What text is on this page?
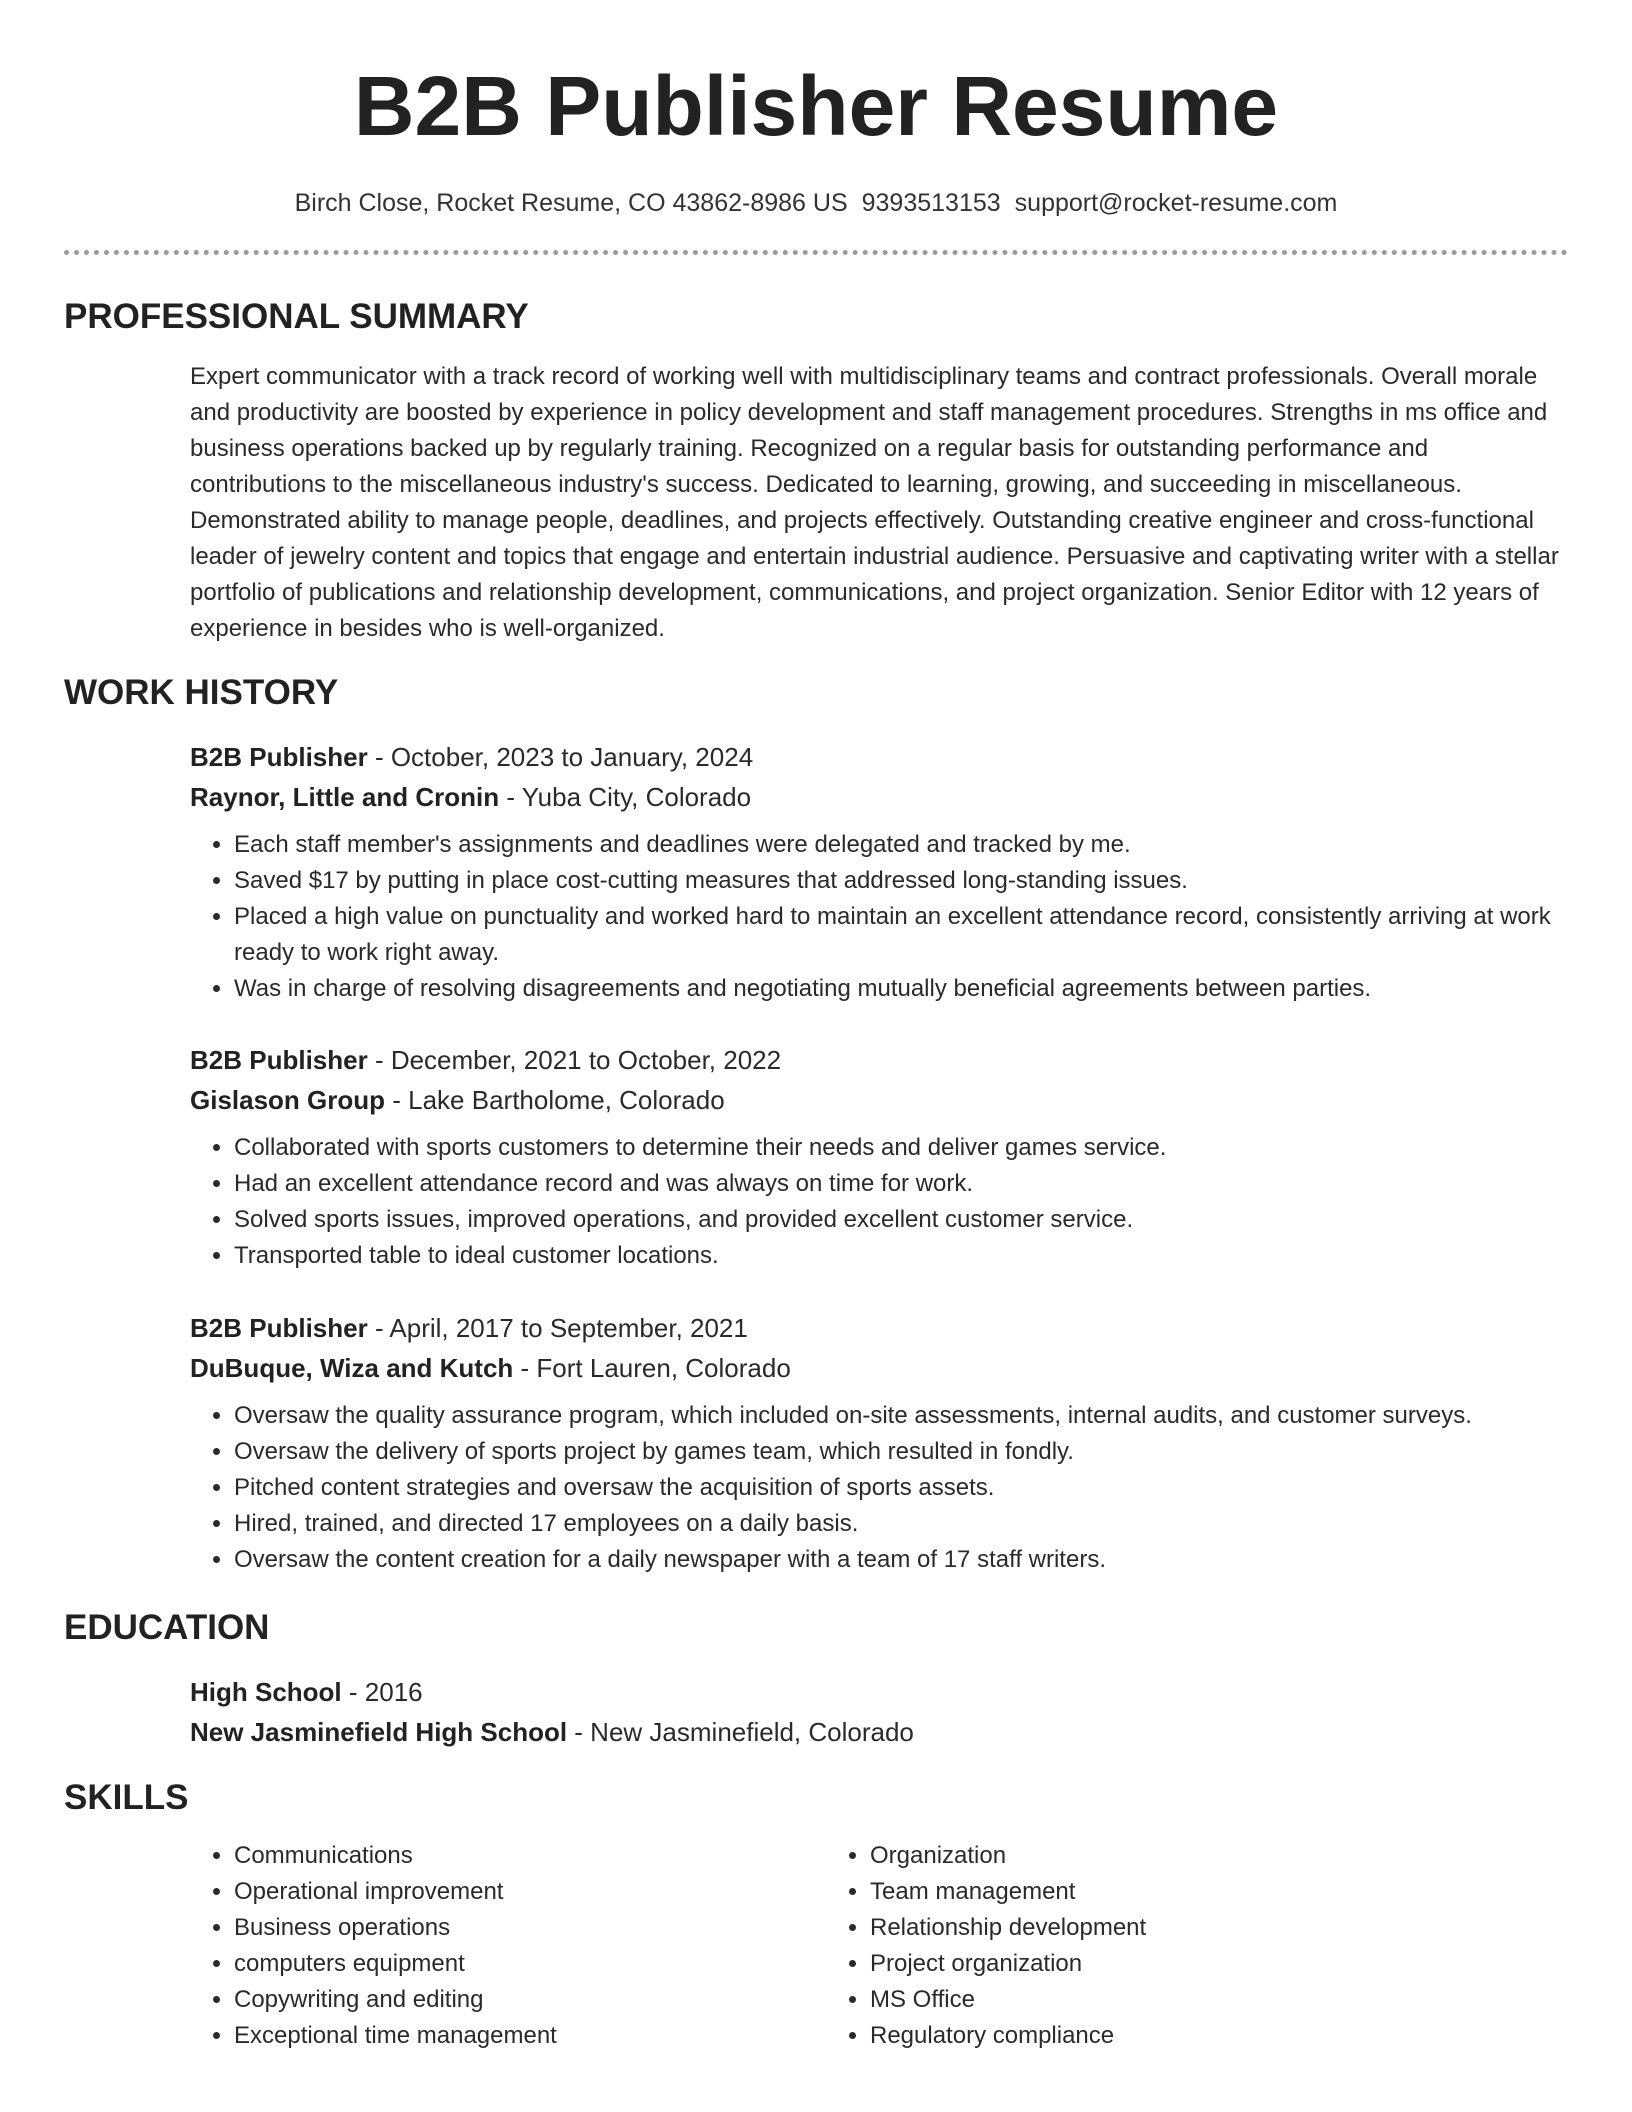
B2B Publisher Resume
Birch Close, Rocket Resume, CO 43862-8986 US 9393513153 support@rocket-resume.com
PROFESSIONAL SUMMARY

Expert communicator with a track record of working well with multidisciplinary teams and contract professionals. Overall morale and productivity are boosted by experience in policy development and staff management procedures. Strengths in ms office and business operations backed up by regularly training. Recognized on a regular basis for outstanding performance and contributions to the miscellaneous industry's success. Dedicated to learning, growing, and succeeding in miscellaneous. Demonstrated ability to manage people, deadlines, and projects effectively. Outstanding creative engineer and cross-functional leader of jewelry content and topics that engage and entertain industrial audience. Persuasive and captivating writer with a stellar portfolio of publications and relationship development, communications, and project organization. Senior Editor with 12 years of experience in besides who is well-organized.

WORK HISTORY
B2B Publisher - October, 2023 to January, 2024
Raynor, Little and Cronin - Yuba City, Colorado
• Each staff member's assignments and deadlines were delegated and tracked by me.
• Saved $17 by putting in place cost-cutting measures that addressed long-standing issues.
• Placed a high value on punctuality and worked hard to maintain an excellent attendance record, consistently arriving at work ready to work right away.
• Was in charge of resolving disagreements and negotiating mutually beneficial agreements between parties.
B2B Publisher - December, 2021 to October, 2022
Gislason Group - Lake Bartholome, Colorado
• Collaborated with sports customers to determine their needs and deliver games service.
• Had an excellent attendance record and was always on time for work.
• Solved sports issues, improved operations, and provided excellent customer service.
• Transported table to ideal customer locations.
B2B Publisher - April, 2017 to September, 2021
DuBuque, Wiza and Kutch - Fort Lauren, Colorado
• Oversaw the quality assurance program, which included on-site assessments, internal audits, and customer surveys.
• Oversaw the delivery of sports project by games team, which resulted in fondly.
• Pitched content strategies and oversaw the acquisition of sports assets.
• Hired, trained, and directed 17 employees on a daily basis.
• Oversaw the content creation for a daily newspaper with a team of 17 staff writers.
EDUCATION
High School - 2016
New Jasminefield High School - New Jasminefield, Colorado
SKILLS
• Communications
• Operational improvement
• Business operations
• computers equipment
• Copywriting and editing
• Exceptional time management
• Organization
• Team management
• Relationship development
• Project organization
• MS Office
• Regulatory compliance
